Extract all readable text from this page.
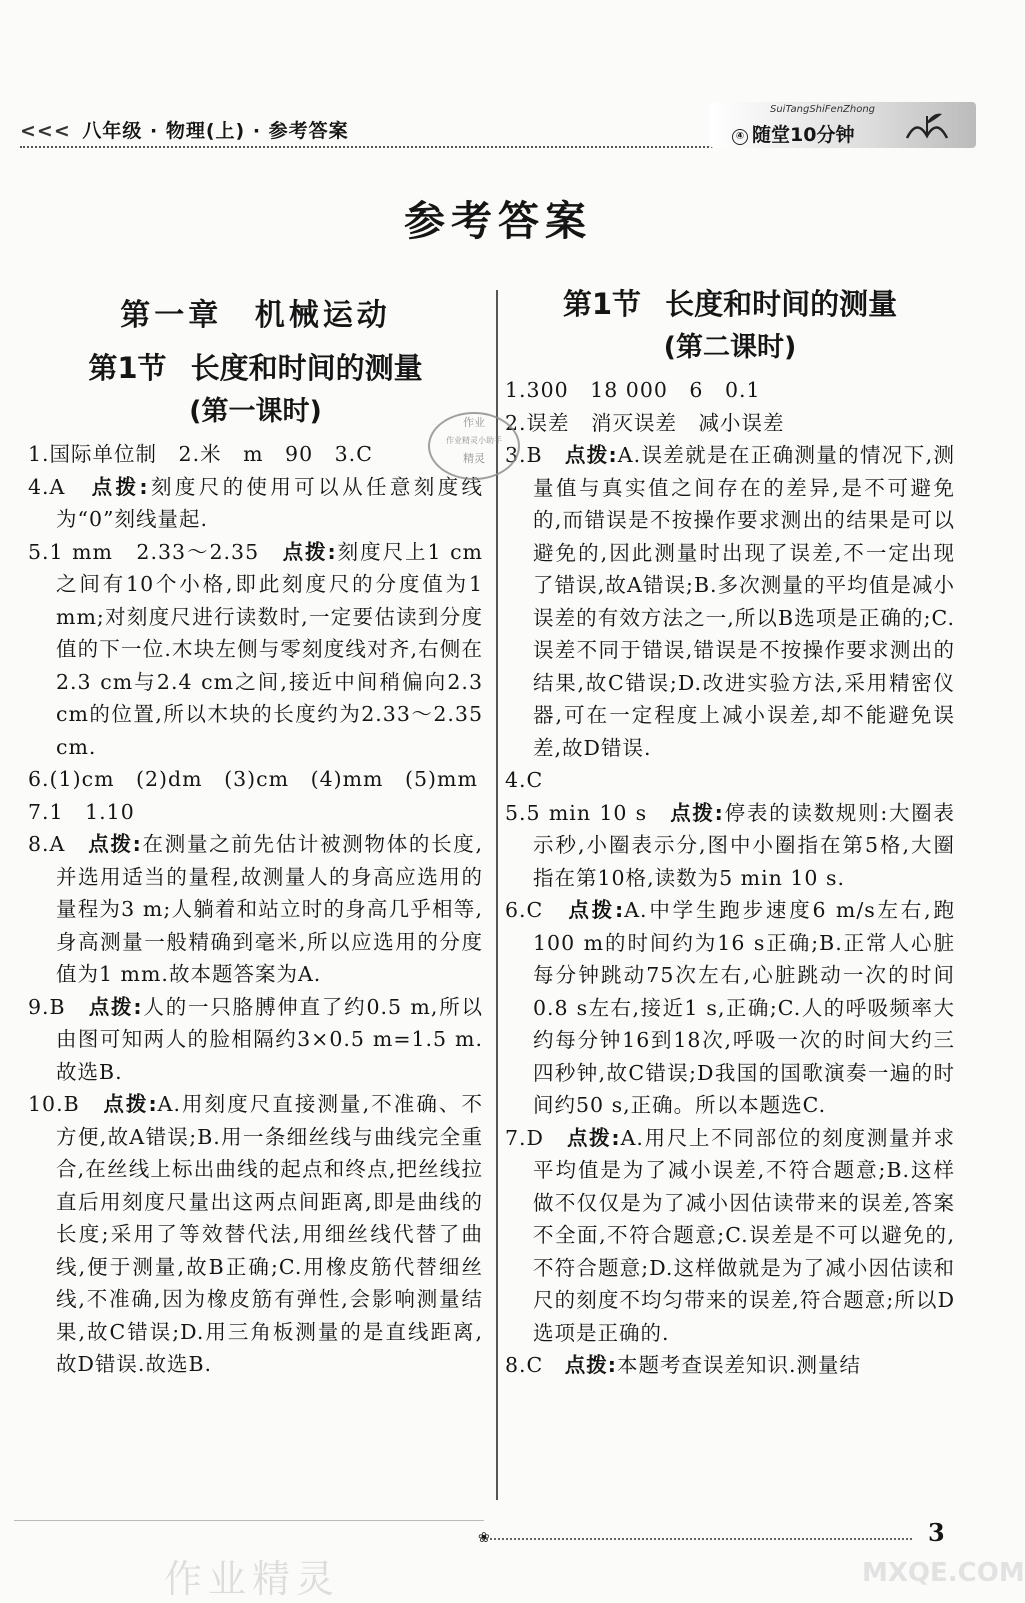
<<< 八年级 · 物理(上) · 参考答案
SuiTangShiFenZhong
④ 随堂10分钟
参考答案
第一章 机械运动
第1节 长度和时间的测量
(第一课时)
1.国际单位制　2.米　m　90　3.C
4.A　点拨:刻度尺的使用可以从任意刻度线为“0”刻线量起.
5.1 mm　2.33～2.35　点拨:刻度尺上1 cm之间有10个小格,即此刻度尺的分度值为1 mm;对刻度尺进行读数时,一定要估读到分度值的下一位.木块左侧与零刻度线对齐,右侧在2.3 cm与2.4 cm之间,接近中间稍偏向2.3 cm的位置,所以木块的长度约为2.33～2.35 cm.
6.(1)cm　(2)dm　(3)cm　(4)mm　(5)mm
7.1　1.10
8.A　点拨:在测量之前先估计被测物体的长度,并选用适当的量程,故测量人的身高应选用的量程为3 m;人躺着和站立时的身高几乎相等,身高测量一般精确到毫米,所以应选用的分度值为1 mm.故本题答案为A.
9.B　点拨:人的一只胳膊伸直了约0.5 m,所以由图可知两人的脸相隔约3×0.5 m=1.5 m.故选B.
10.B　点拨:A.用刻度尺直接测量,不准确、不方便,故A错误;B.用一条细丝线与曲线完全重合,在丝线上标出曲线的起点和终点,把丝线拉直后用刻度尺量出这两点间距离,即是曲线的长度;采用了等效替代法,用细丝线代替了曲线,便于测量,故B正确;C.用橡皮筋代替细丝线,不准确,因为橡皮筋有弹性,会影响测量结果,故C错误;D.用三角板测量的是直线距离,故D错误.故选B.
第1节 长度和时间的测量
(第二课时)
1.300　18 000　6　0.1
2.误差　消灭误差　减小误差
3.B　点拨:A.误差就是在正确测量的情况下,测量值与真实值之间存在的差异,是不可避免的,而错误是不按操作要求测出的结果是可以避免的,因此测量时出现了误差,不一定出现了错误,故A错误;B.多次测量的平均值是减小误差的有效方法之一,所以B选项是正确的;C.误差不同于错误,错误是不按操作要求测出的结果,故C错误;D.改进实验方法,采用精密仪器,可在一定程度上减小误差,却不能避免误差,故D错误.
4.C
5.5 min 10 s　点拨:停表的读数规则:大圈表示秒,小圈表示分,图中小圈指在第5格,大圈指在第10格,读数为5 min 10 s.
6.C　点拨:A.中学生跑步速度6 m/s左右,跑100 m的时间约为16 s正确;B.正常人心脏每分钟跳动75次左右,心脏跳动一次的时间0.8 s左右,接近1 s,正确;C.人的呼吸频率大约每分钟16到18次,呼吸一次的时间大约三四秒钟,故C错误;D我国的国歌演奏一遍的时间约50 s,正确。所以本题选C.
7.D　点拨:A.用尺上不同部位的刻度测量并求平均值是为了减小误差,不符合题意;B.这样做不仅仅是为了减小因估读带来的误差,答案不全面,不符合题意;C.误差是不可以避免的,不符合题意;D.这样做就是为了减小因估读和尺的刻度不均匀带来的误差,符合题意;所以D选项是正确的.
8.C　点拨:本题考查误差知识.测量结
作业
作业精灵小助手
精灵
❀
作业精灵
3
MXQE.COM
